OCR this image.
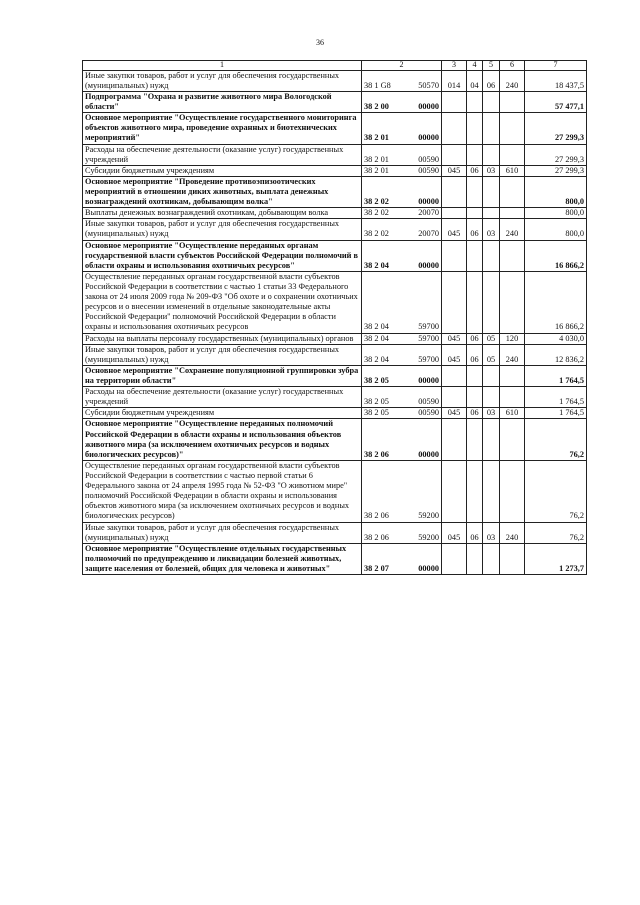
36
1	2	3	4	5	6	7
Иные закупки товаров, работ и услуг для обеспечения государственных (муниципальных) нужд	38 1 G8 50570	014	04	06	240	18 437,5
Подпрограмма "Охрана и развитие животного мира Вологодской области"	38 2 00 00000					57 477,1
Основное мероприятие "Осуществление государственного мониторинга объектов животного мира, проведение охранных и биотехнических мероприятий"	38 2 01 00000					27 299,3
Расходы на обеспечение деятельности (оказание услуг) государственных учреждений	38 2 01 00590					27 299,3
Субсидии бюджетным учреждениям	38 2 01 00590	045	06	03	610	27 299,3
Основное мероприятие "Проведение противоэпизоотических мероприятий в отношении диких животных, выплата денежных вознаграждений охотникам, добывающим волка"	38 2 02 00000					800,0
Выплаты денежных вознаграждений охотникам, добывающим волка	38 2 02 20070					800,0
Иные закупки товаров, работ и услуг для обеспечения государственных (муниципальных) нужд	38 2 02 20070	045	06	03	240	800,0
Основное мероприятие "Осуществление переданных органам государственной власти субъектов Российской Федерации полномочий в области охраны и использования охотничьих ресурсов"	38 2 04 00000					16 866,2
Осуществление переданных органам государственной власти субъектов Российской Федерации в соответствии с частью 1 статьи 33 Федерального закона от 24 июля 2009 года № 209-ФЗ "Об охоте и о сохранении охотничьих ресурсов и о внесении изменений в отдельные законодательные акты Российской Федерации" полномочий Российской Федерации в области охраны и использования охотничьих ресурсов	38 2 04 59700					16 866,2
Расходы на выплаты персоналу государственных (муниципальных) органов	38 2 04 59700	045	06	05	120	4 030,0
Иные закупки товаров, работ и услуг для обеспечения государственных (муниципальных) нужд	38 2 04 59700	045	06	05	240	12 836,2
Основное мероприятие "Сохранение популяционной группировки зубра на территории области"	38 2 05 00000					1 764,5
Расходы на обеспечение деятельности (оказание услуг) государственных учреждений	38 2 05 00590					1 764,5
Субсидии бюджетным учреждениям	38 2 05 00590	045	06	03	610	1 764,5
Основное мероприятие "Осуществление переданных полномочий Российской Федерации в области охраны и использования объектов животного мира (за исключением охотничьих ресурсов и водных биологических ресурсов)"	38 2 06 00000					76,2
Осуществление переданных органам государственной власти субъектов Российской Федерации в соответствии с частью первой статьи 6 Федерального закона от 24 апреля 1995 года № 52-ФЗ "О животном мире" полномочий Российской Федерации в области охраны и использования объектов животного мира (за исключением охотничьих ресурсов и водных биологических ресурсов)	38 2 06 59200					76,2
Иные закупки товаров, работ и услуг для обеспечения государственных (муниципальных) нужд	38 2 06 59200	045	06	03	240	76,2
Основное мероприятие "Осуществление отдельных государственных полномочий по предупреждению и ликвидации болезней животных, защите населения от болезней, общих для человека и животных"	38 2 07 00000					1 273,7
